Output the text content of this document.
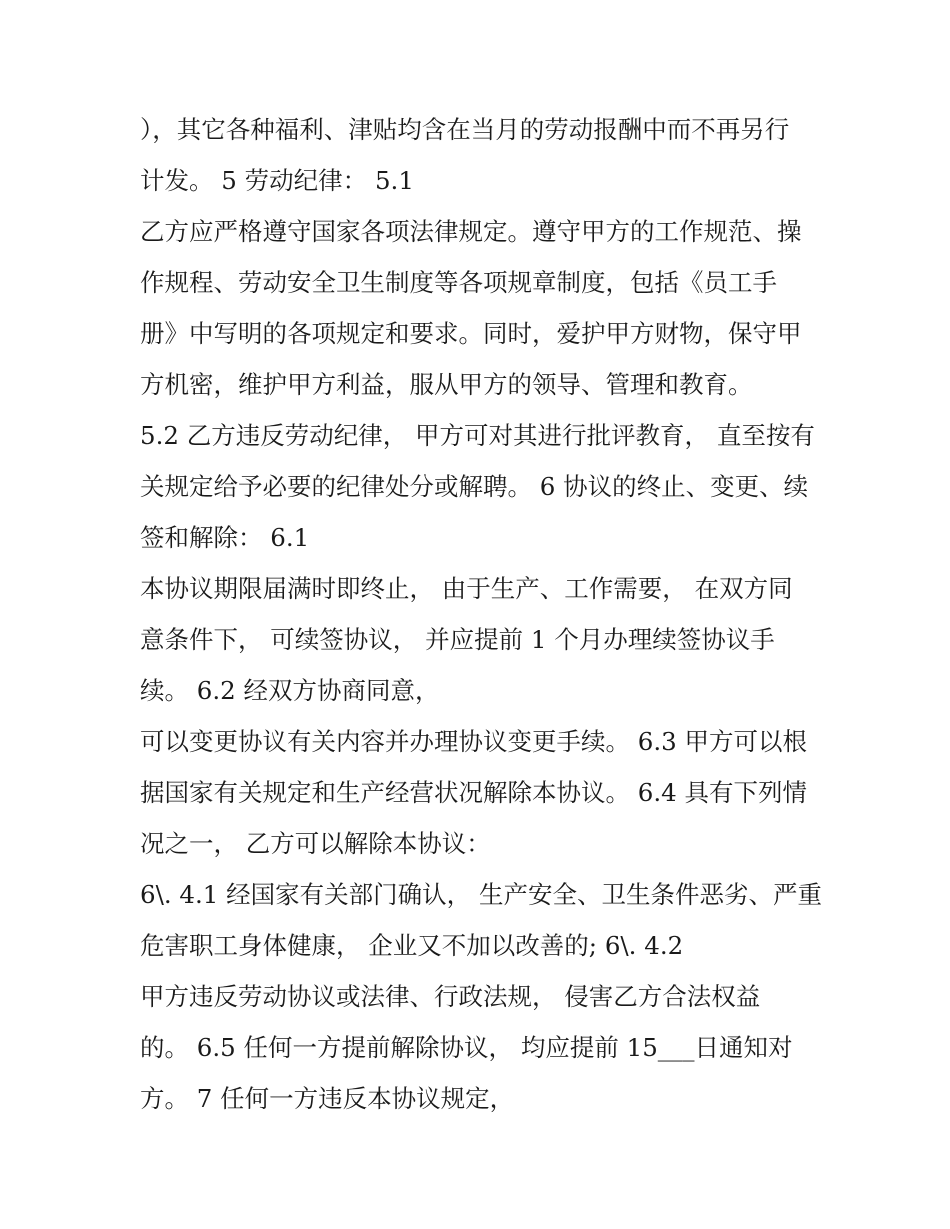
），其它各种福利、津贴均含在当月的劳动报酬中而不再另行

计发。 5 劳动纪律： 5.1

乙方应严格遵守国家各项法律规定。遵守甲方的工作规范、操

作规程、劳动安全卫生制度等各项规章制度，包括《员工手

册》中写明的各项规定和要求。同时，爱护甲方财物，保守甲

方机密，维护甲方利益，服从甲方的领导、管理和教育。

5.2 乙方违反劳动纪律， 甲方可对其进行批评教育， 直至按有

关规定给予必要的纪律处分或解聘。 6 协议的终止、变更、续

签和解除： 6.1

本协议期限届满时即终止， 由于生产、工作需要， 在双方同

意条件下， 可续签协议， 并应提前 1 个月办理续签协议手

续。 6.2 经双方协商同意，

可以变更协议有关内容并办理协议变更手续。 6.3 甲方可以根

据国家有关规定和生产经营状况解除本协议。 6.4 具有下列情

况之一， 乙方可以解除本协议：

6\. 4.1 经国家有关部门确认， 生产安全、卫生条件恶劣、严重

危害职工身体健康， 企业又不加以改善的; 6\. 4.2

甲方违反劳动协议或法律、行政法规， 侵害乙方合法权益

的。 6.5 任何一方提前解除协议， 均应提前 15___日通知对

方。 7 任何一方违反本协议规定，
